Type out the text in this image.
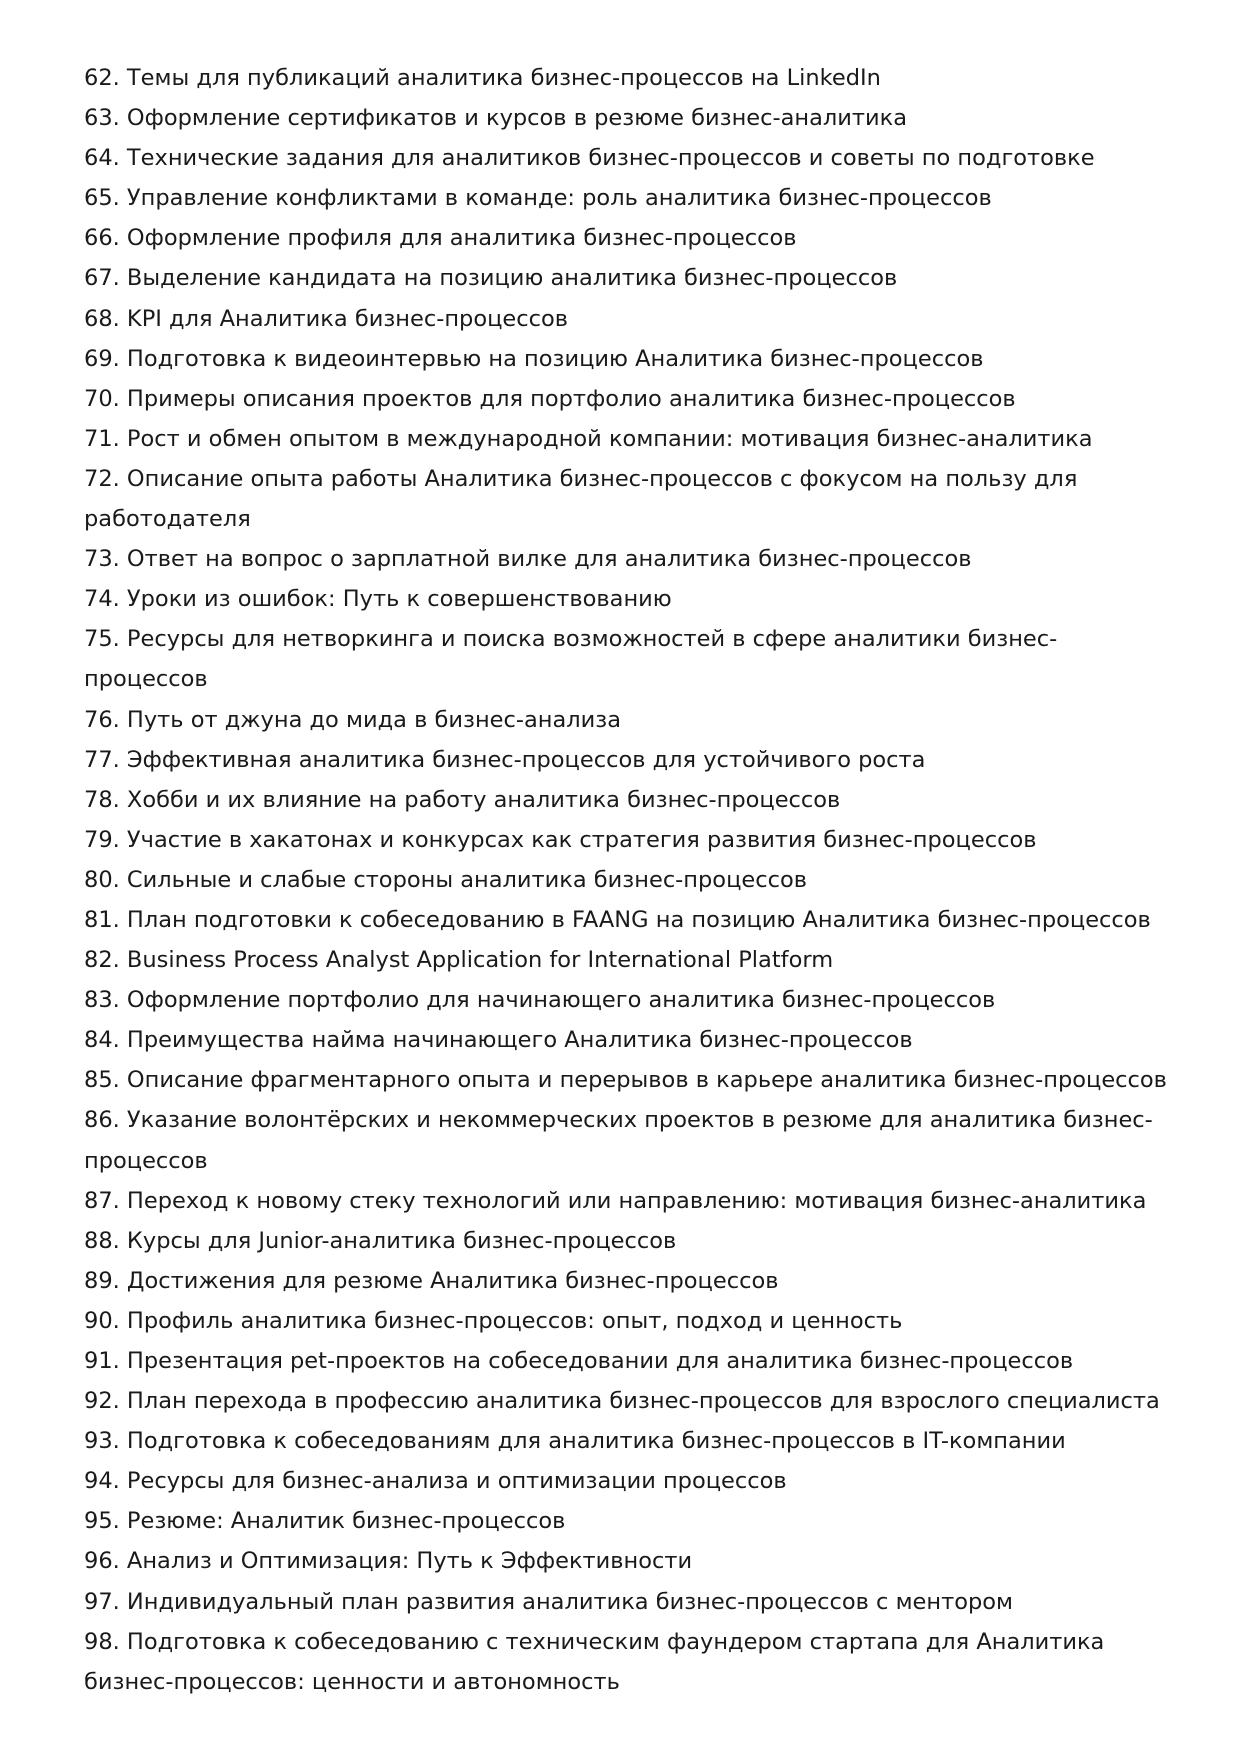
62. Темы для публикаций аналитика бизнес-процессов на LinkedIn
63. Оформление сертификатов и курсов в резюме бизнес-аналитика
64. Технические задания для аналитиков бизнес-процессов и советы по подготовке
65. Управление конфликтами в команде: роль аналитика бизнес-процессов
66. Оформление профиля для аналитика бизнес-процессов
67. Выделение кандидата на позицию аналитика бизнес-процессов
68. KPI для Аналитика бизнес-процессов
69. Подготовка к видеоинтервью на позицию Аналитика бизнес-процессов
70. Примеры описания проектов для портфолио аналитика бизнес-процессов
71. Рост и обмен опытом в международной компании: мотивация бизнес-аналитика
72. Описание опыта работы Аналитика бизнес-процессов с фокусом на пользу для работодателя
73. Ответ на вопрос о зарплатной вилке для аналитика бизнес-процессов
74. Уроки из ошибок: Путь к совершенствованию
75. Ресурсы для нетворкинга и поиска возможностей в сфере аналитики бизнес-процессов
76. Путь от джуна до мида в бизнес-анализа
77. Эффективная аналитика бизнес-процессов для устойчивого роста
78. Хобби и их влияние на работу аналитика бизнес-процессов
79. Участие в хакатонах и конкурсах как стратегия развития бизнес-процессов
80. Сильные и слабые стороны аналитика бизнес-процессов
81. План подготовки к собеседованию в FAANG на позицию Аналитика бизнес-процессов
82. Business Process Analyst Application for International Platform
83. Оформление портфолио для начинающего аналитика бизнес-процессов
84. Преимущества найма начинающего Аналитика бизнес-процессов
85. Описание фрагментарного опыта и перерывов в карьере аналитика бизнес-процессов
86. Указание волонтёрских и некоммерческих проектов в резюме для аналитика бизнес-процессов
87. Переход к новому стеку технологий или направлению: мотивация бизнес-аналитика
88. Курсы для Junior-аналитика бизнес-процессов
89. Достижения для резюме Аналитика бизнес-процессов
90. Профиль аналитика бизнес-процессов: опыт, подход и ценность
91. Презентация pet-проектов на собеседовании для аналитика бизнес-процессов
92. План перехода в профессию аналитика бизнес-процессов для взрослого специалиста
93. Подготовка к собеседованиям для аналитика бизнес-процессов в IT-компании
94. Ресурсы для бизнес-анализа и оптимизации процессов
95. Резюме: Аналитик бизнес-процессов
96. Анализ и Оптимизация: Путь к Эффективности
97. Индивидуальный план развития аналитика бизнес-процессов с ментором
98. Подготовка к собеседованию с техническим фаундером стартапа для Аналитика бизнес-процессов: ценности и автономность
